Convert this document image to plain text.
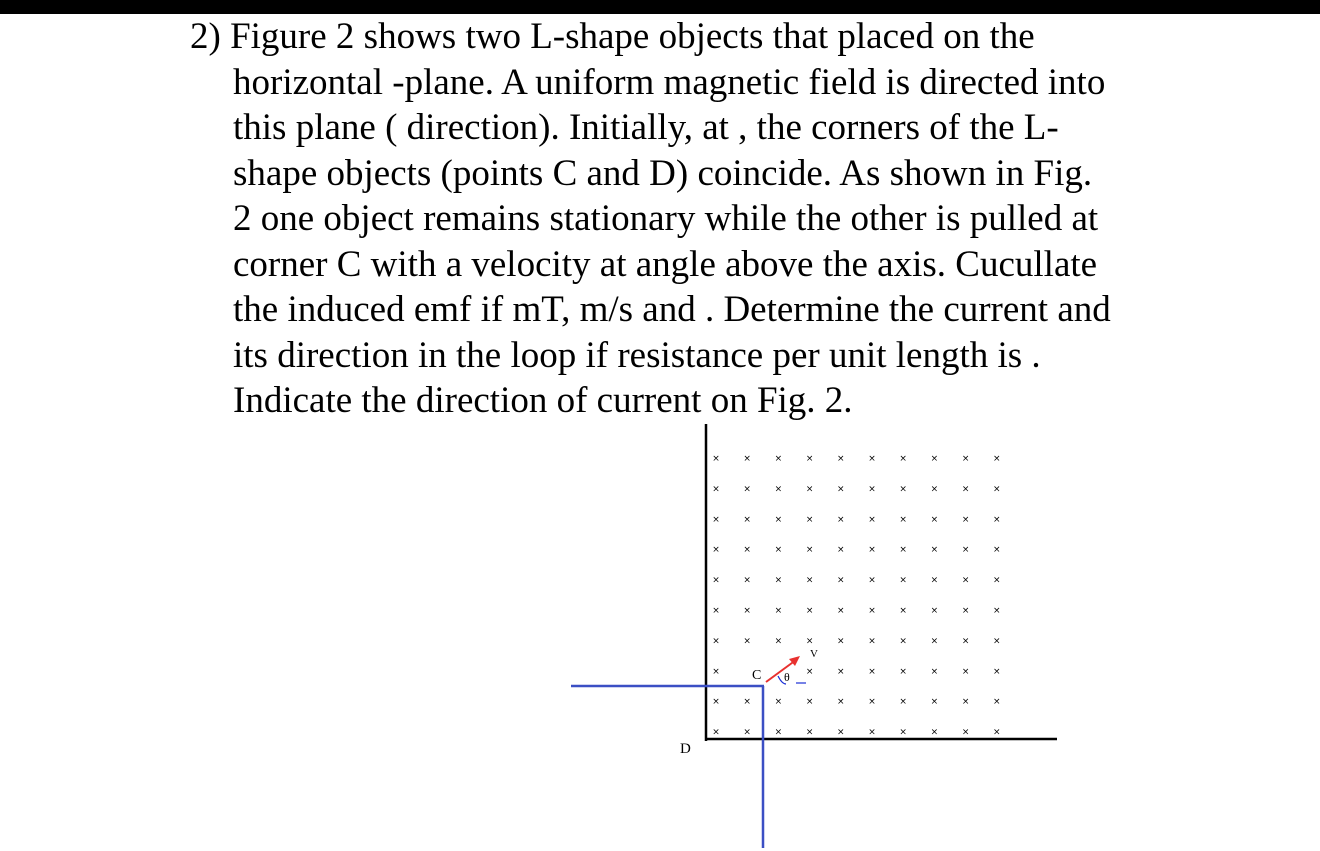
2) Figure 2 shows two L-shape objects that placed on the
horizontal -plane. A uniform magnetic field is directed into
this plane ( direction). Initially, at , the corners of the L-
shape objects (points C and D) coincide. As shown in Fig.
2 one object remains stationary while the other is pulled at
corner C with a velocity at angle above the axis. Cucullate
the induced emf if mT, m/s and . Determine the current and
its direction in the loop if resistance per unit length is .
Indicate the direction of current on Fig. 2.
×	×	×	×	×	×	×	×	×	×
×	×	×	×	×	×	×	×	×	×
×	×	×	×	×	×	×	×	×	×
×	×	×	×	×	×	×	×	×	×
×	×	×	×	×	×	×	×	×	×
×	×	×	×	×	×	×	×	×	×
×	×	×	×	×	×	×	×	×	×
×	×	×	×	×	×	×	×
×	×	×	×	×	×	×	×	×	×
×	×	×	×	×	×	×	×	×	×
D
C
V
θ
